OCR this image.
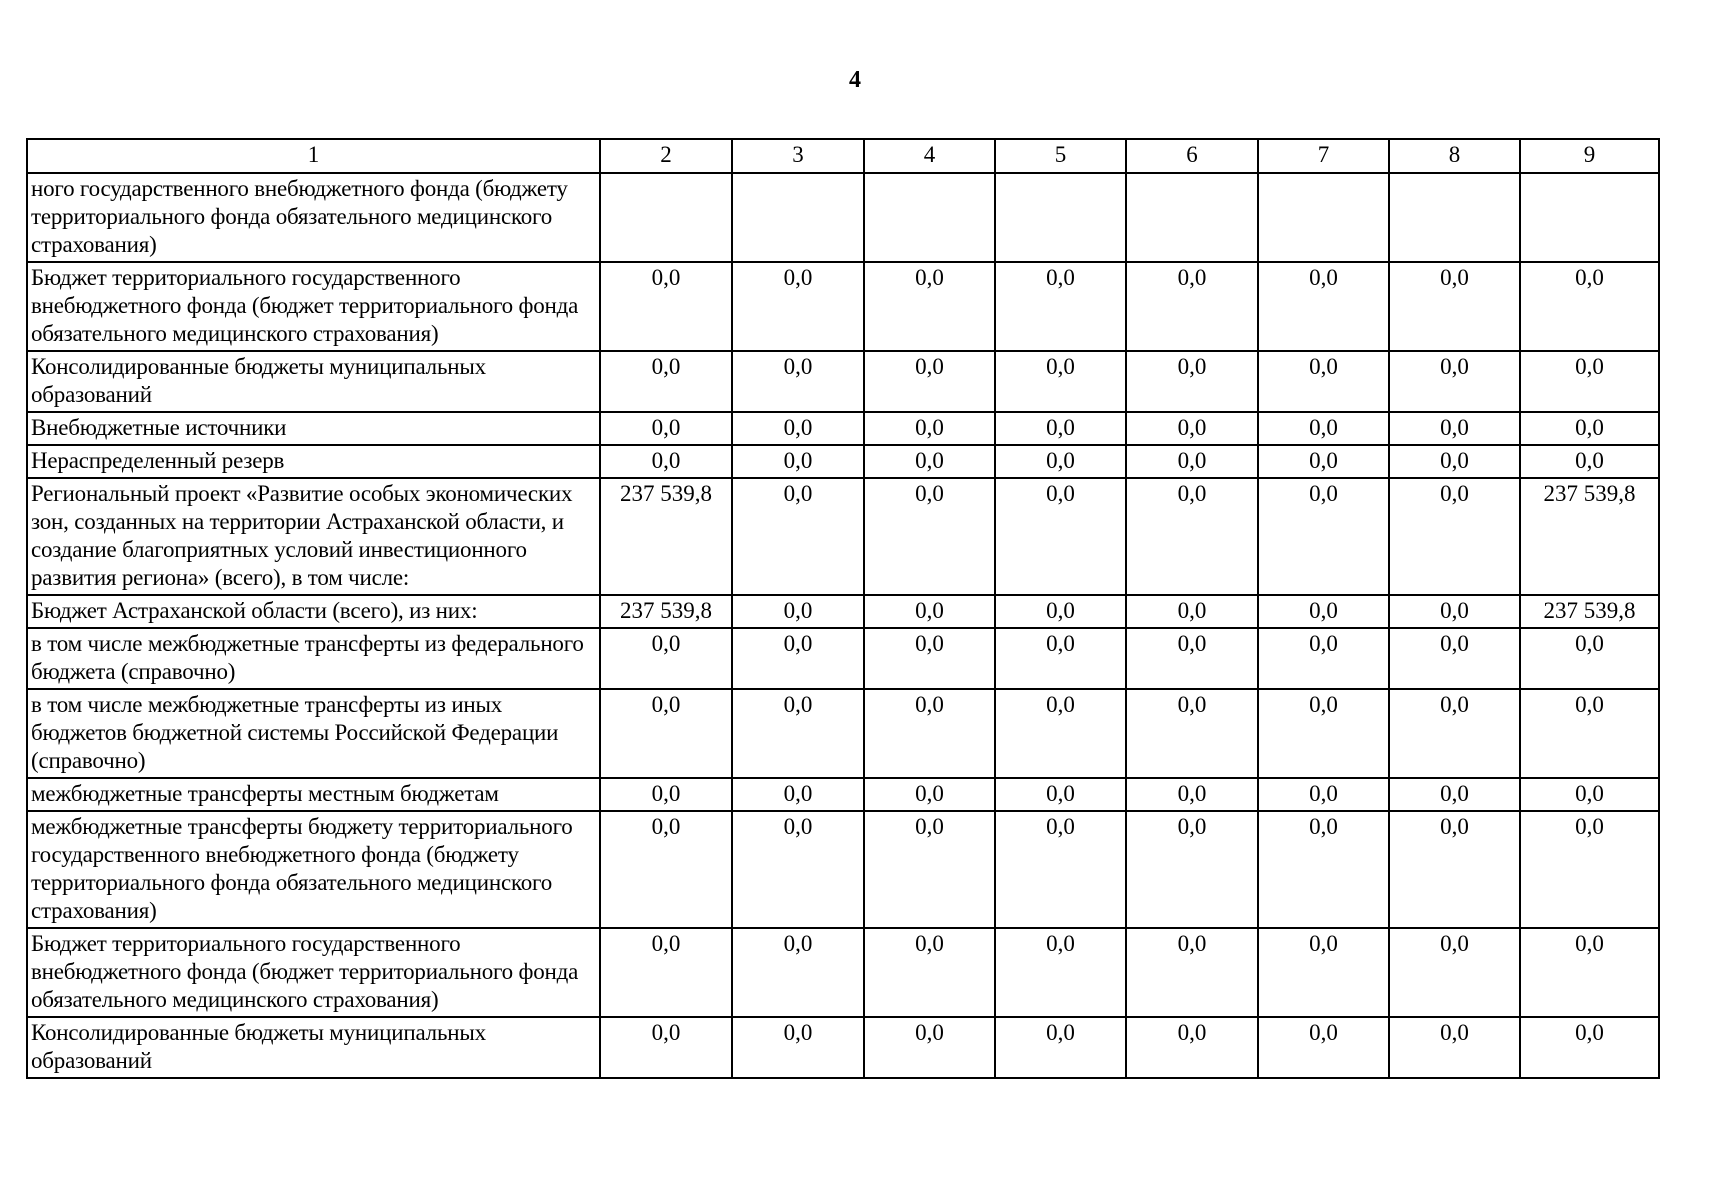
4
1	2	3	4	5	6	7	8	9
ного государственного внебюджетного фонда (бюджету территориального фонда обязательного медицинского страхования)								
Бюджет территориального государственного внебюджетного фонда (бюджет территориального фонда обязательного медицинского страхования)	0,0	0,0	0,0	0,0	0,0	0,0	0,0	0,0
Консолидированные бюджеты муниципальных образований	0,0	0,0	0,0	0,0	0,0	0,0	0,0	0,0
Внебюджетные источники	0,0	0,0	0,0	0,0	0,0	0,0	0,0	0,0
Нераспределенный резерв	0,0	0,0	0,0	0,0	0,0	0,0	0,0	0,0
Региональный проект «Развитие особых экономических зон, созданных на территории Астраханской области, и создание благоприятных условий инвестиционного развития региона» (всего), в том числе:	237 539,8	0,0	0,0	0,0	0,0	0,0	0,0	237 539,8
Бюджет Астраханской области (всего), из них:	237 539,8	0,0	0,0	0,0	0,0	0,0	0,0	237 539,8
в том числе межбюджетные трансферты из федерального бюджета (справочно)	0,0	0,0	0,0	0,0	0,0	0,0	0,0	0,0
в том числе межбюджетные трансферты из иных бюджетов бюджетной системы Российской Федерации (справочно)	0,0	0,0	0,0	0,0	0,0	0,0	0,0	0,0
межбюджетные трансферты местным бюджетам	0,0	0,0	0,0	0,0	0,0	0,0	0,0	0,0
межбюджетные трансферты бюджету территориального государственного внебюджетного фонда (бюджету территориального фонда обязательного медицинского страхования)	0,0	0,0	0,0	0,0	0,0	0,0	0,0	0,0
Бюджет территориального государственного внебюджетного фонда (бюджет территориального фонда обязательного медицинского страхования)	0,0	0,0	0,0	0,0	0,0	0,0	0,0	0,0
Консолидированные бюджеты муниципальных образований	0,0	0,0	0,0	0,0	0,0	0,0	0,0	0,0
